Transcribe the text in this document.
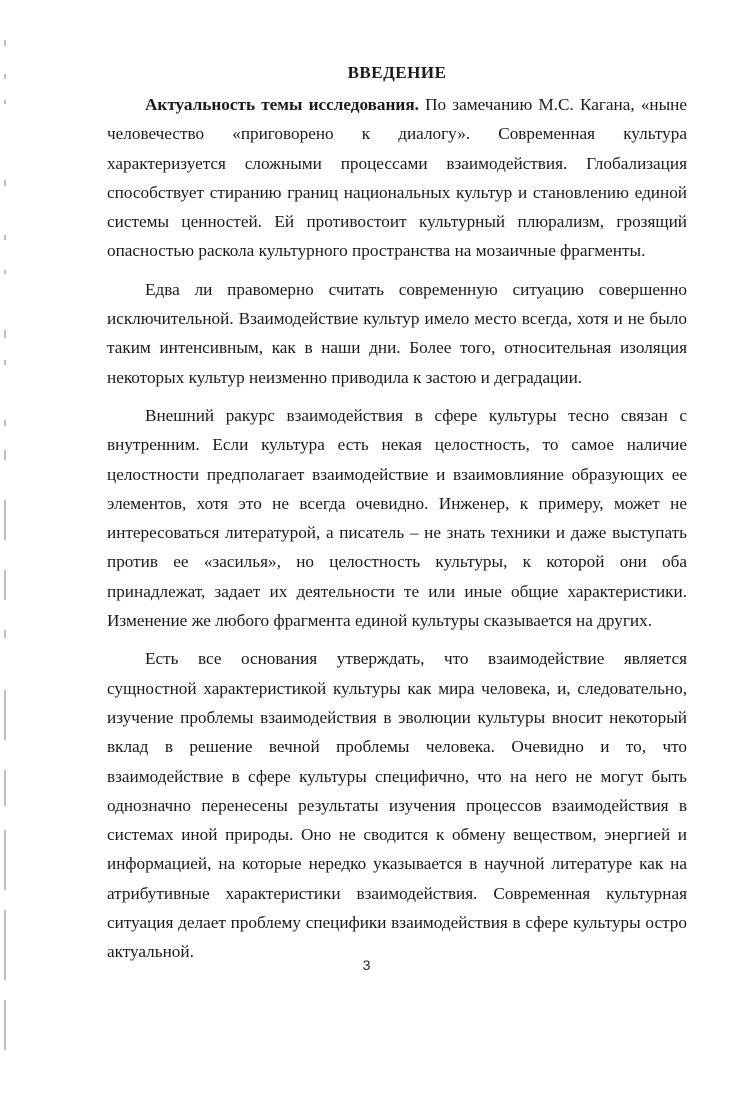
ВВЕДЕНИЕ

Актуальность темы исследования. По замечанию М.С. Кагана, «ныне человечество «приговорено к диалогу». Современная культура характеризуется сложными процессами взаимодействия. Глобализация способствует стиранию границ национальных культур и становлению единой системы ценностей. Ей противостоит культурный плюрализм, грозящий опасностью раскола культурного пространства на мозаичные фрагменты.

Едва ли правомерно считать современную ситуацию совершенно исключительной. Взаимодействие культур имело место всегда, хотя и не было таким интенсивным, как в наши дни. Более того, относительная изоляция некоторых культур неизменно приводила к застою и деградации.

Внешний ракурс взаимодействия в сфере культуры тесно связан с внутренним. Если культура есть некая целостность, то самое наличие целостности предполагает взаимодействие и взаимовлияние образующих ее элементов, хотя это не всегда очевидно. Инженер, к примеру, может не интересоваться литературой, а писатель – не знать техники и даже выступать против ее «засилья», но целостность культуры, к которой они оба принадлежат, задает их деятельности те или иные общие характеристики. Изменение же любого фрагмента единой культуры сказывается на других.

Есть все основания утверждать, что взаимодействие является сущностной характеристикой культуры как мира человека, и, следовательно, изучение проблемы взаимодействия в эволюции культуры вносит некоторый вклад в решение вечной проблемы человека. Очевидно и то, что взаимодействие в сфере культуры специфично, что на него не могут быть однозначно перенесены результаты изучения процессов взаимодействия в системах иной природы. Оно не сводится к обмену веществом, энергией и информацией, на которые нередко указывается в научной литературе как на атрибутивные характеристики взаимодействия. Современная культурная ситуация делает проблему специфики взаимодействия в сфере культуры остро актуальной.

3
